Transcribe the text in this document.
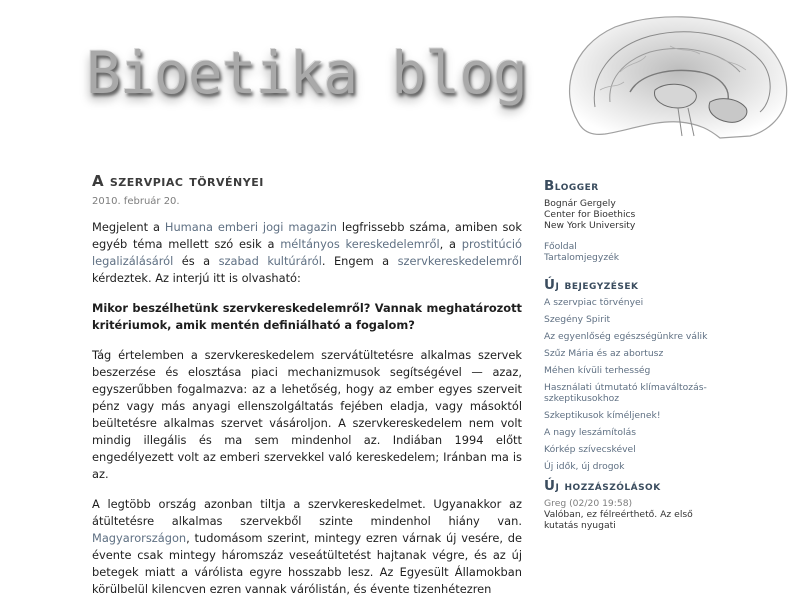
Bioetika blog
A szervpiac törvényei
2010. február 20.

Megjelent a Humana emberi jogi magazin legfrissebb száma, amiben sok egyéb téma mellett szó esik a méltányos kereskedelemről, a prostitúció legalizálásáról és a szabad kultúráról. Engem a szervkereskedelemről kérdeztek. Az interjú itt is olvasható:

Mikor beszélhetünk szervkereskedelemről? Vannak meghatározott kritériumok, amik mentén definiálható a fogalom?

Tág értelemben a szervkereskedelem szervátültetésre alkalmas szervek beszerzése és elosztása piaci mechanizmusok segítségével — azaz, egyszerűbben fogalmazva: az a lehetőség, hogy az ember egyes szerveit pénz vagy más anyagi ellenszolgáltatás fejében eladja, vagy másoktól beültetésre alkalmas szervet vásároljon. A szervkereskedelem nem volt mindig illegális és ma sem mindenhol az. Indiában 1994 előtt engedélyezett volt az emberi szervekkel való kereskedelem; Iránban ma is az.

A legtöbb ország azonban tiltja a szervkereskedelmet. Ugyanakkor az átültetésre alkalmas szervekből szinte mindenhol hiány van. Magyarországon, tudomásom szerint, mintegy ezren várnak új vesére, de évente csak mintegy háromszáz veseátültetést hajtanak végre, és az új betegek miatt a várólista egyre hosszabb lesz. Az Egyesült Államokban körülbelül kilencven ezren vannak várólistán, és évente tizenhétezren

Blogger
Bognár Gergely
Center for Bioethics
New York University
Főoldal
Tartalomjegyzék
Új bejegyzések
A szervpiac törvényei
Szegény Spirit
Az egyenlőség egészségünkre válik
Szűz Mária és az abortusz
Méhen kívüli terhesség
Használati útmutató klímaváltozás-szkeptikusokhoz
Szkeptikusok kíméljenek!
A nagy leszámítolás
Kórkép szívecskével
Új idők, új drogok
Új hozzászólások
Greg (02/20 19:58)
Valóban, ez félreérthető. Az első kutatás nyugati
